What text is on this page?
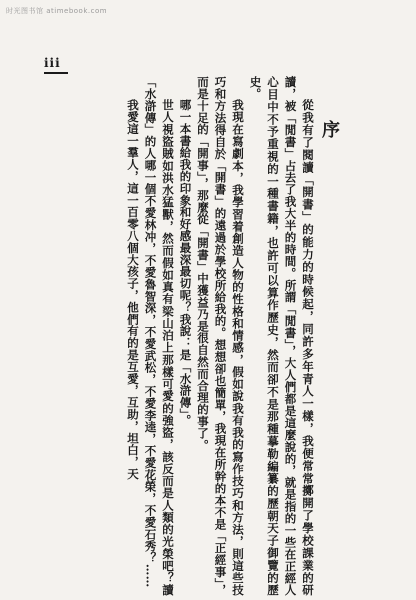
时光图书馆 atimebook.com
iii
序

從我有了閱讀「開書」的能力的時候起，同許多年青人一樣，我便常常擲開了學校課業的研讀，被「閒書」占去了我大半的時間。所謂「閒書」，大人們都是這麼說的，就是指的一些在正經人心目中不予重視的一種書籍，也許可以算作歷史，然而卻不是那種摹勒編纂的歷朝天子御覽的歷史。

我現在寫劇本，我學習着創造人物的性格和情感，假如說我有我的寫作技巧和方法，則這些技巧和方法得自於「開書」的遠過於學校所給我的。想想卻也簡單，我現在所幹的本不是「正經事」，而是十足的「開事」，那麼從「開書」中獲益乃是很自然而合理的事了。

哪一本書給我的印象和好感最深最切呢？我說：是「水滸傳」。

世人視盜賊如洪水猛獸，然而假如真有梁山泊上那樣可愛的強盜，該反而是人類的光榮吧？讀「水滸傳」的人哪一個不愛林冲，不愛魯智深，不愛武松，不愛李逵，不愛花榮，不愛石秀？……

我愛這一羣人，這一百零八個大孩子，他們有的是互愛，互助，坦白，天
